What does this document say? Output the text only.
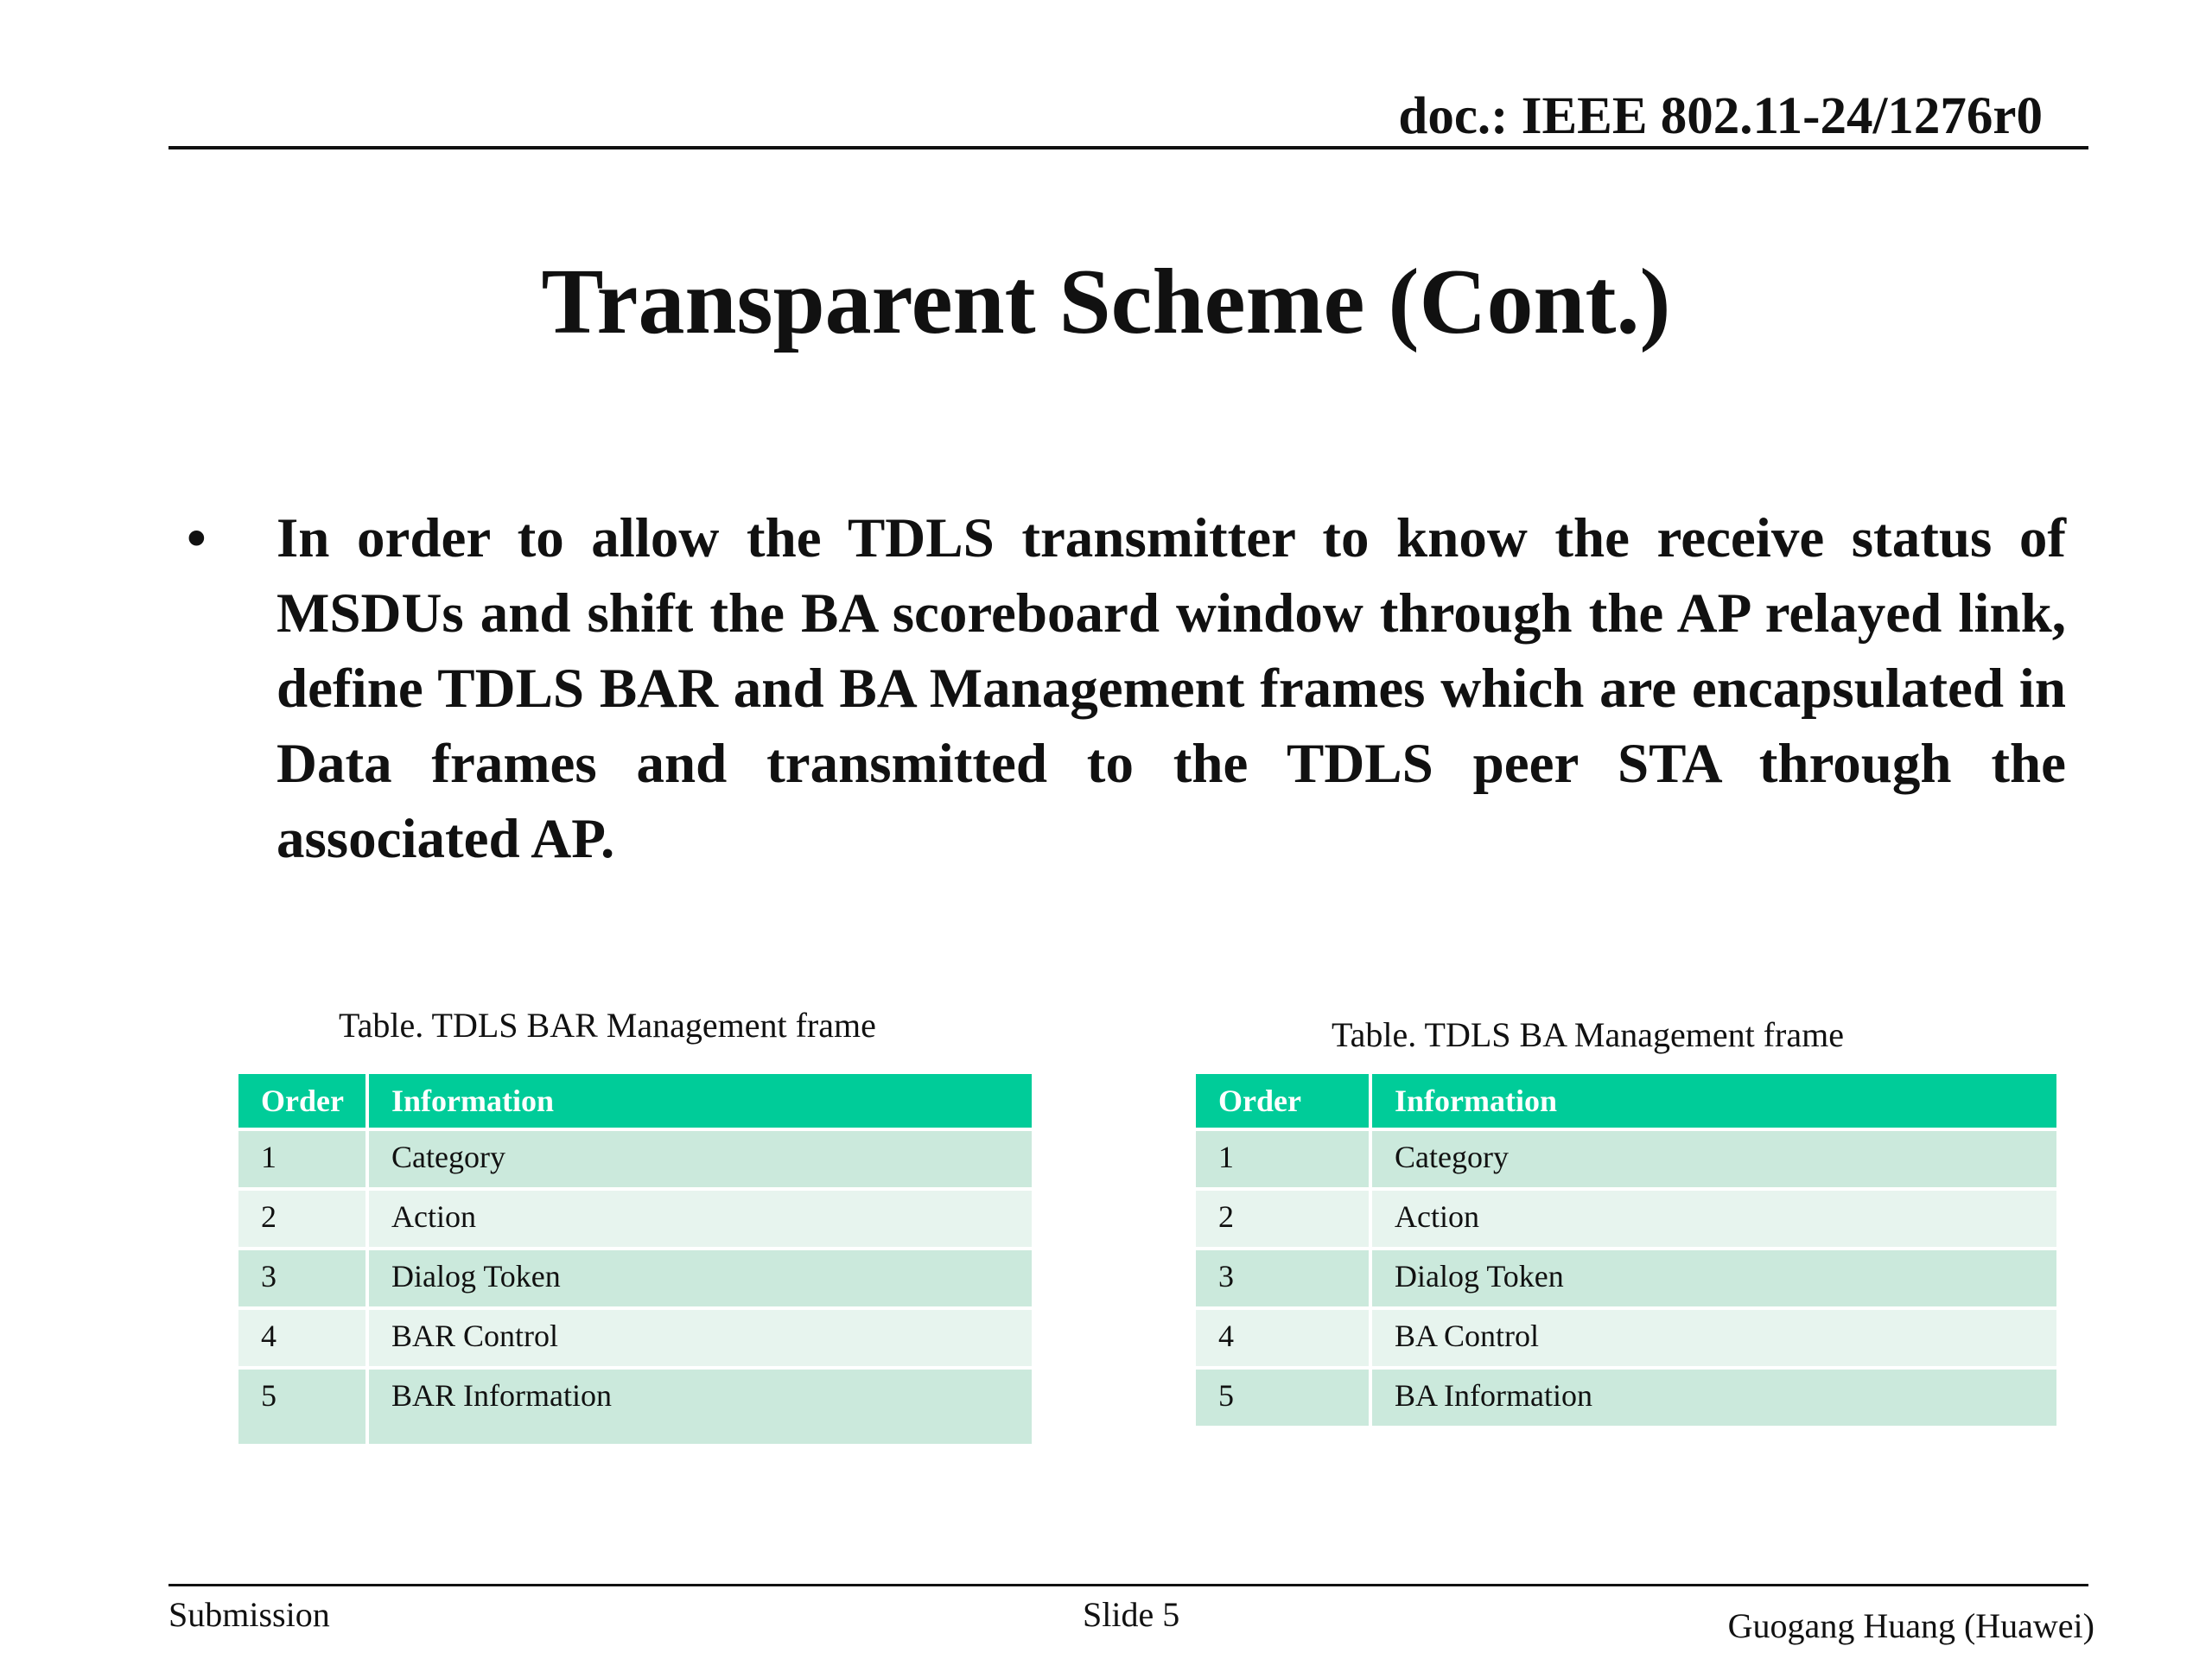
doc.: IEEE 802.11-24/1276r0
Transparent Scheme (Cont.)
•	In order to allow the TDLS transmitter to know the receive status of MSDUs and shift the BA scoreboard window through the AP relayed link, define TDLS BAR and BA Management frames which are encapsulated in Data frames and transmitted to the TDLS peer STA through the associated AP.
Table. TDLS BAR Management frame
Order	Information
1	Category
2	Action
3	Dialog Token
4	BAR Control
5	BAR Information
Table. TDLS BA Management frame
Order	Information
1	Category
2	Action
3	Dialog Token
4	BA Control
5	BA Information
Submission	Slide 5	Guogang Huang (Huawei)
